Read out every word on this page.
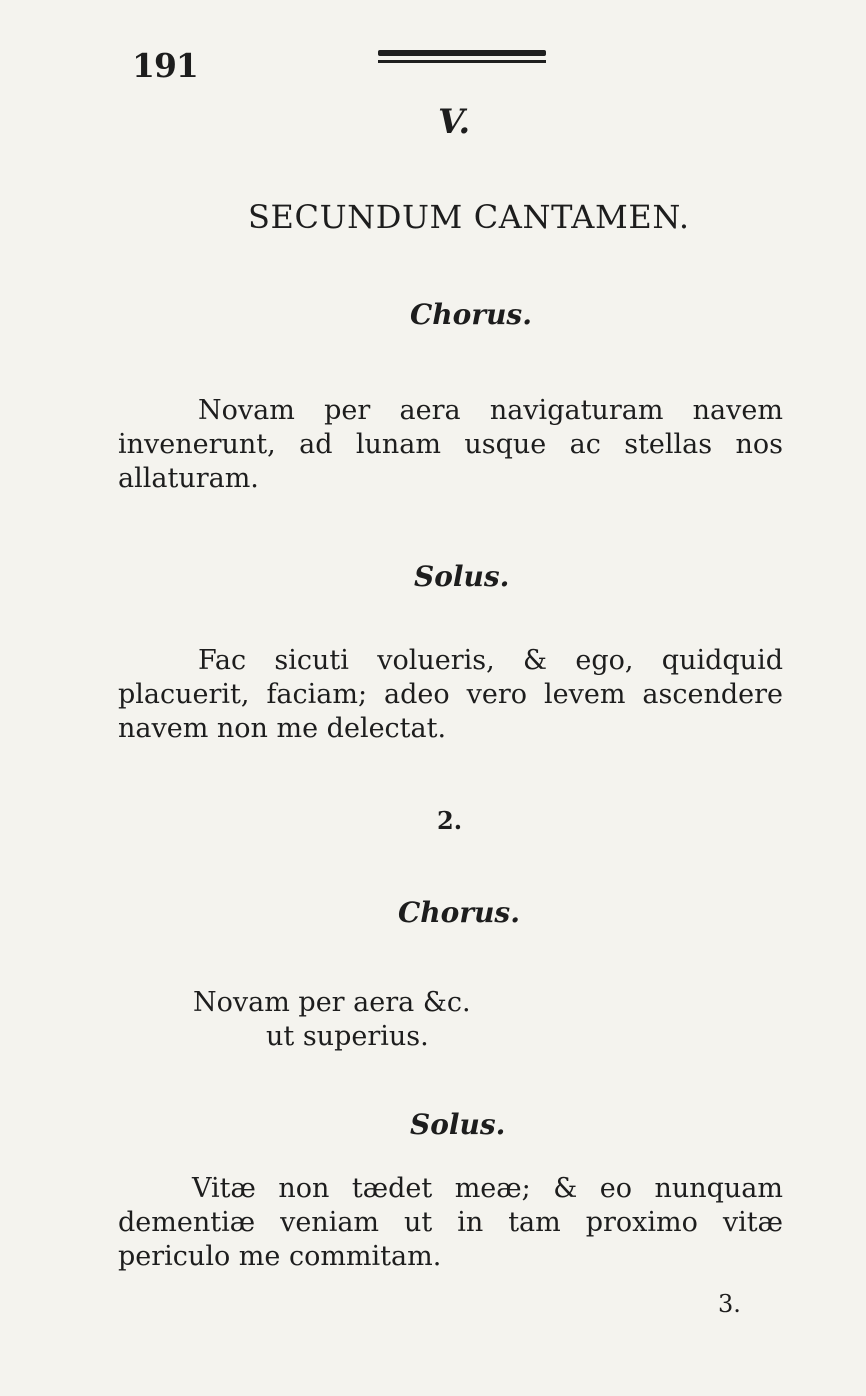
191
V.
SECUNDUM CANTAMEN.
Chorus.
Novam per aera navigaturam navem invenerunt, ad lunam usque ac stellas nos allaturam.
Solus.
Fac sicuti volueris, & ego, quidquid placuerit, faciam; adeo vero levem ascendere navem non me delectat.
2.
Chorus.
Novam per aera &c.
ut superius.
Solus.
Vitæ non tædet meæ; & eo nunquam dementiæ veniam ut in tam proximo vitæ periculo me commitam.
3.
